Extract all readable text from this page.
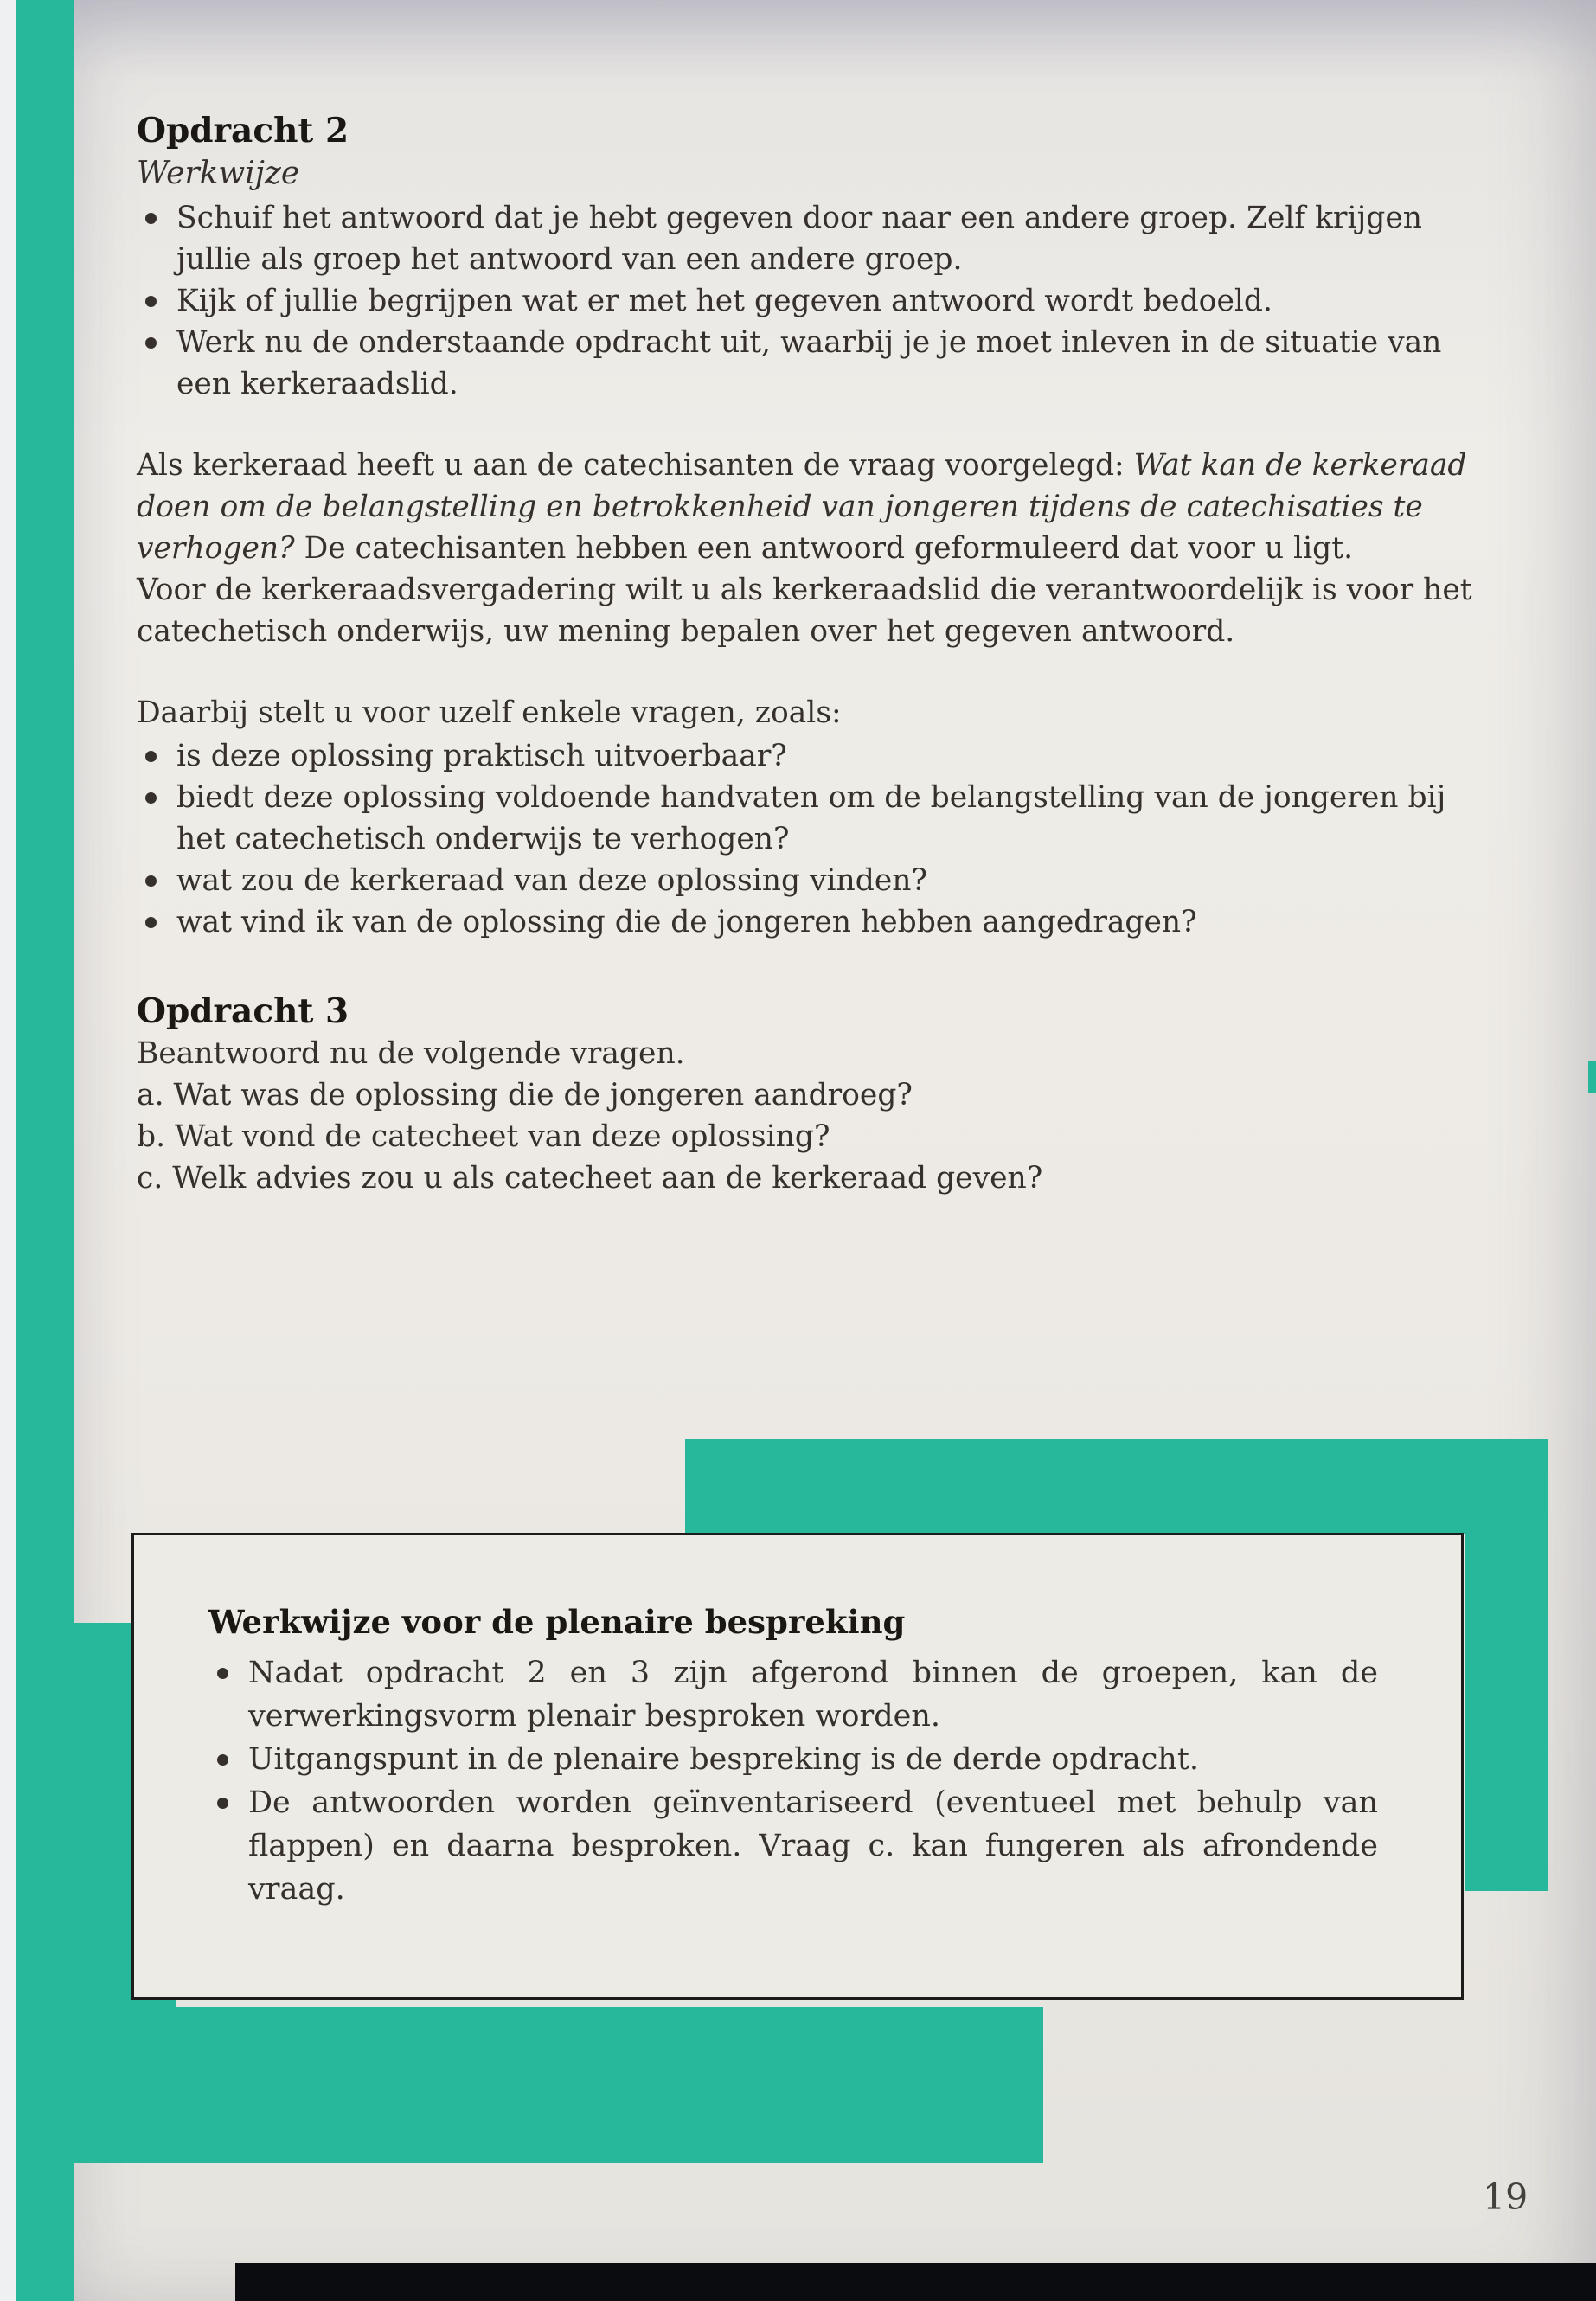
Opdracht 2

Werkwijze

Schuif het antwoord dat je hebt gegeven door naar een andere groep. Zelf krijgen jullie als groep het antwoord van een andere groep.
Kijk of jullie begrijpen wat er met het gegeven antwoord wordt bedoeld.
Werk nu de onderstaande opdracht uit, waarbij je je moet inleven in de situatie van een kerkeraadslid.

Als kerkeraad heeft u aan de catechisanten de vraag voorgelegd: Wat kan de kerkeraad doen om de belangstelling en betrokkenheid van jongeren tijdens de catechisaties te verhogen? De catechisanten hebben een antwoord geformuleerd dat voor u ligt.

Voor de kerkeraadsvergadering wilt u als kerkeraadslid die verantwoordelijk is voor het catechetisch onderwijs, uw mening bepalen over het gegeven antwoord.

Daarbij stelt u voor uzelf enkele vragen, zoals:

is deze oplossing praktisch uitvoerbaar?
biedt deze oplossing voldoende handvaten om de belangstelling van de jongeren bij het catechetisch onderwijs te verhogen?
wat zou de kerkeraad van deze oplossing vinden?
wat vind ik van de oplossing die de jongeren hebben aangedragen?
Opdracht 3

Beantwoord nu de volgende vragen.

a. Wat was de oplossing die de jongeren aandroeg?

b. Wat vond de catecheet van deze oplossing?

c. Welk advies zou u als catecheet aan de kerkeraad geven?

Werkwijze voor de plenaire bespreking
Nadat opdracht 2 en 3 zijn afgerond binnen de groepen, kan de verwerkingsvorm plenair besproken worden.
Uitgangspunt in de plenaire bespreking is de derde opdracht.
De antwoorden worden geïnventariseerd (eventueel met behulp van flappen) en daarna besproken. Vraag c. kan fungeren als afrondende vraag.
19
